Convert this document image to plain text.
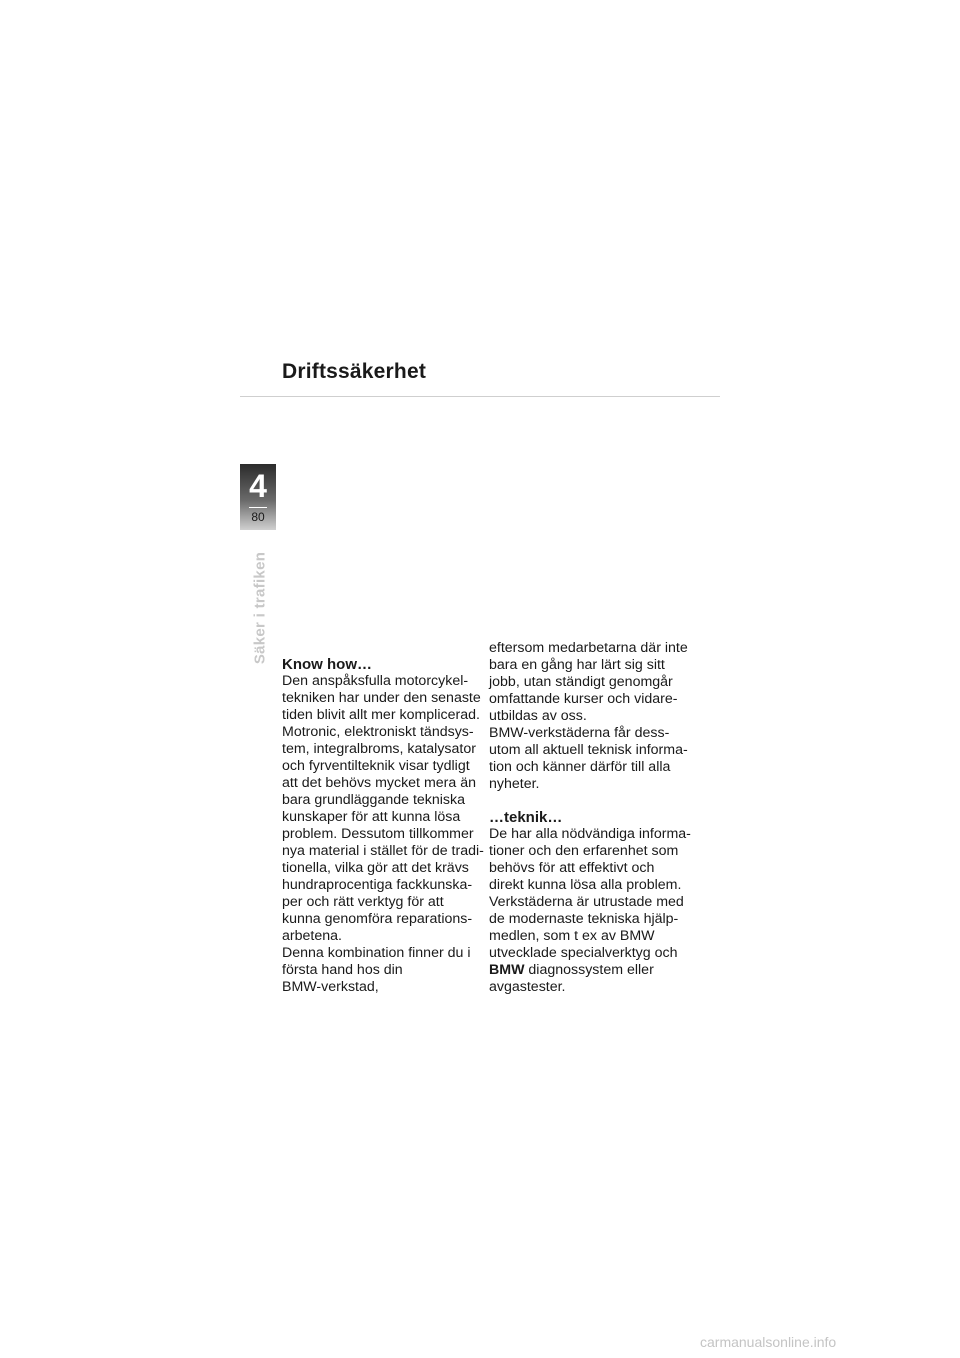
Driftssäkerhet
4
80
Säker i trafiken
Know how…

Den anspåksfulla motorcykel-
tekniken har under den senaste
tiden blivit allt mer komplicerad.
Motronic, elektroniskt tändsys-
tem, integralbroms, katalysator
och fyrventilteknik visar tydligt
att det behövs mycket mera än
bara grundläggande tekniska
kunskaper för att kunna lösa
problem. Dessutom tillkommer
nya material i stället för de tradi-
tionella, vilka gör att det krävs
hundraprocentiga fackkunska-
per och rätt verktyg för att
kunna genomföra reparations-
arbetena.

Denna kombination finner du i
första hand hos din
BMW-verkstad,

eftersom medarbetarna där inte
bara en gång har lärt sig sitt
jobb, utan ständigt genomgår
omfattande kurser och vidare-
utbildas av oss.

BMW-verkstäderna får dess-
utom all aktuell teknisk informa-
tion och känner därför till alla
nyheter.

…teknik…

De har alla nödvändiga informa-
tioner och den erfarenhet som
behövs för att effektivt och
direkt kunna lösa alla problem.
Verkstäderna är utrustade med
de modernaste tekniska hjälp-
medlen, som t ex av BMW
utvecklade specialverktyg och
BMW diagnossystem eller
avgastester.

carmanualsonline.info
